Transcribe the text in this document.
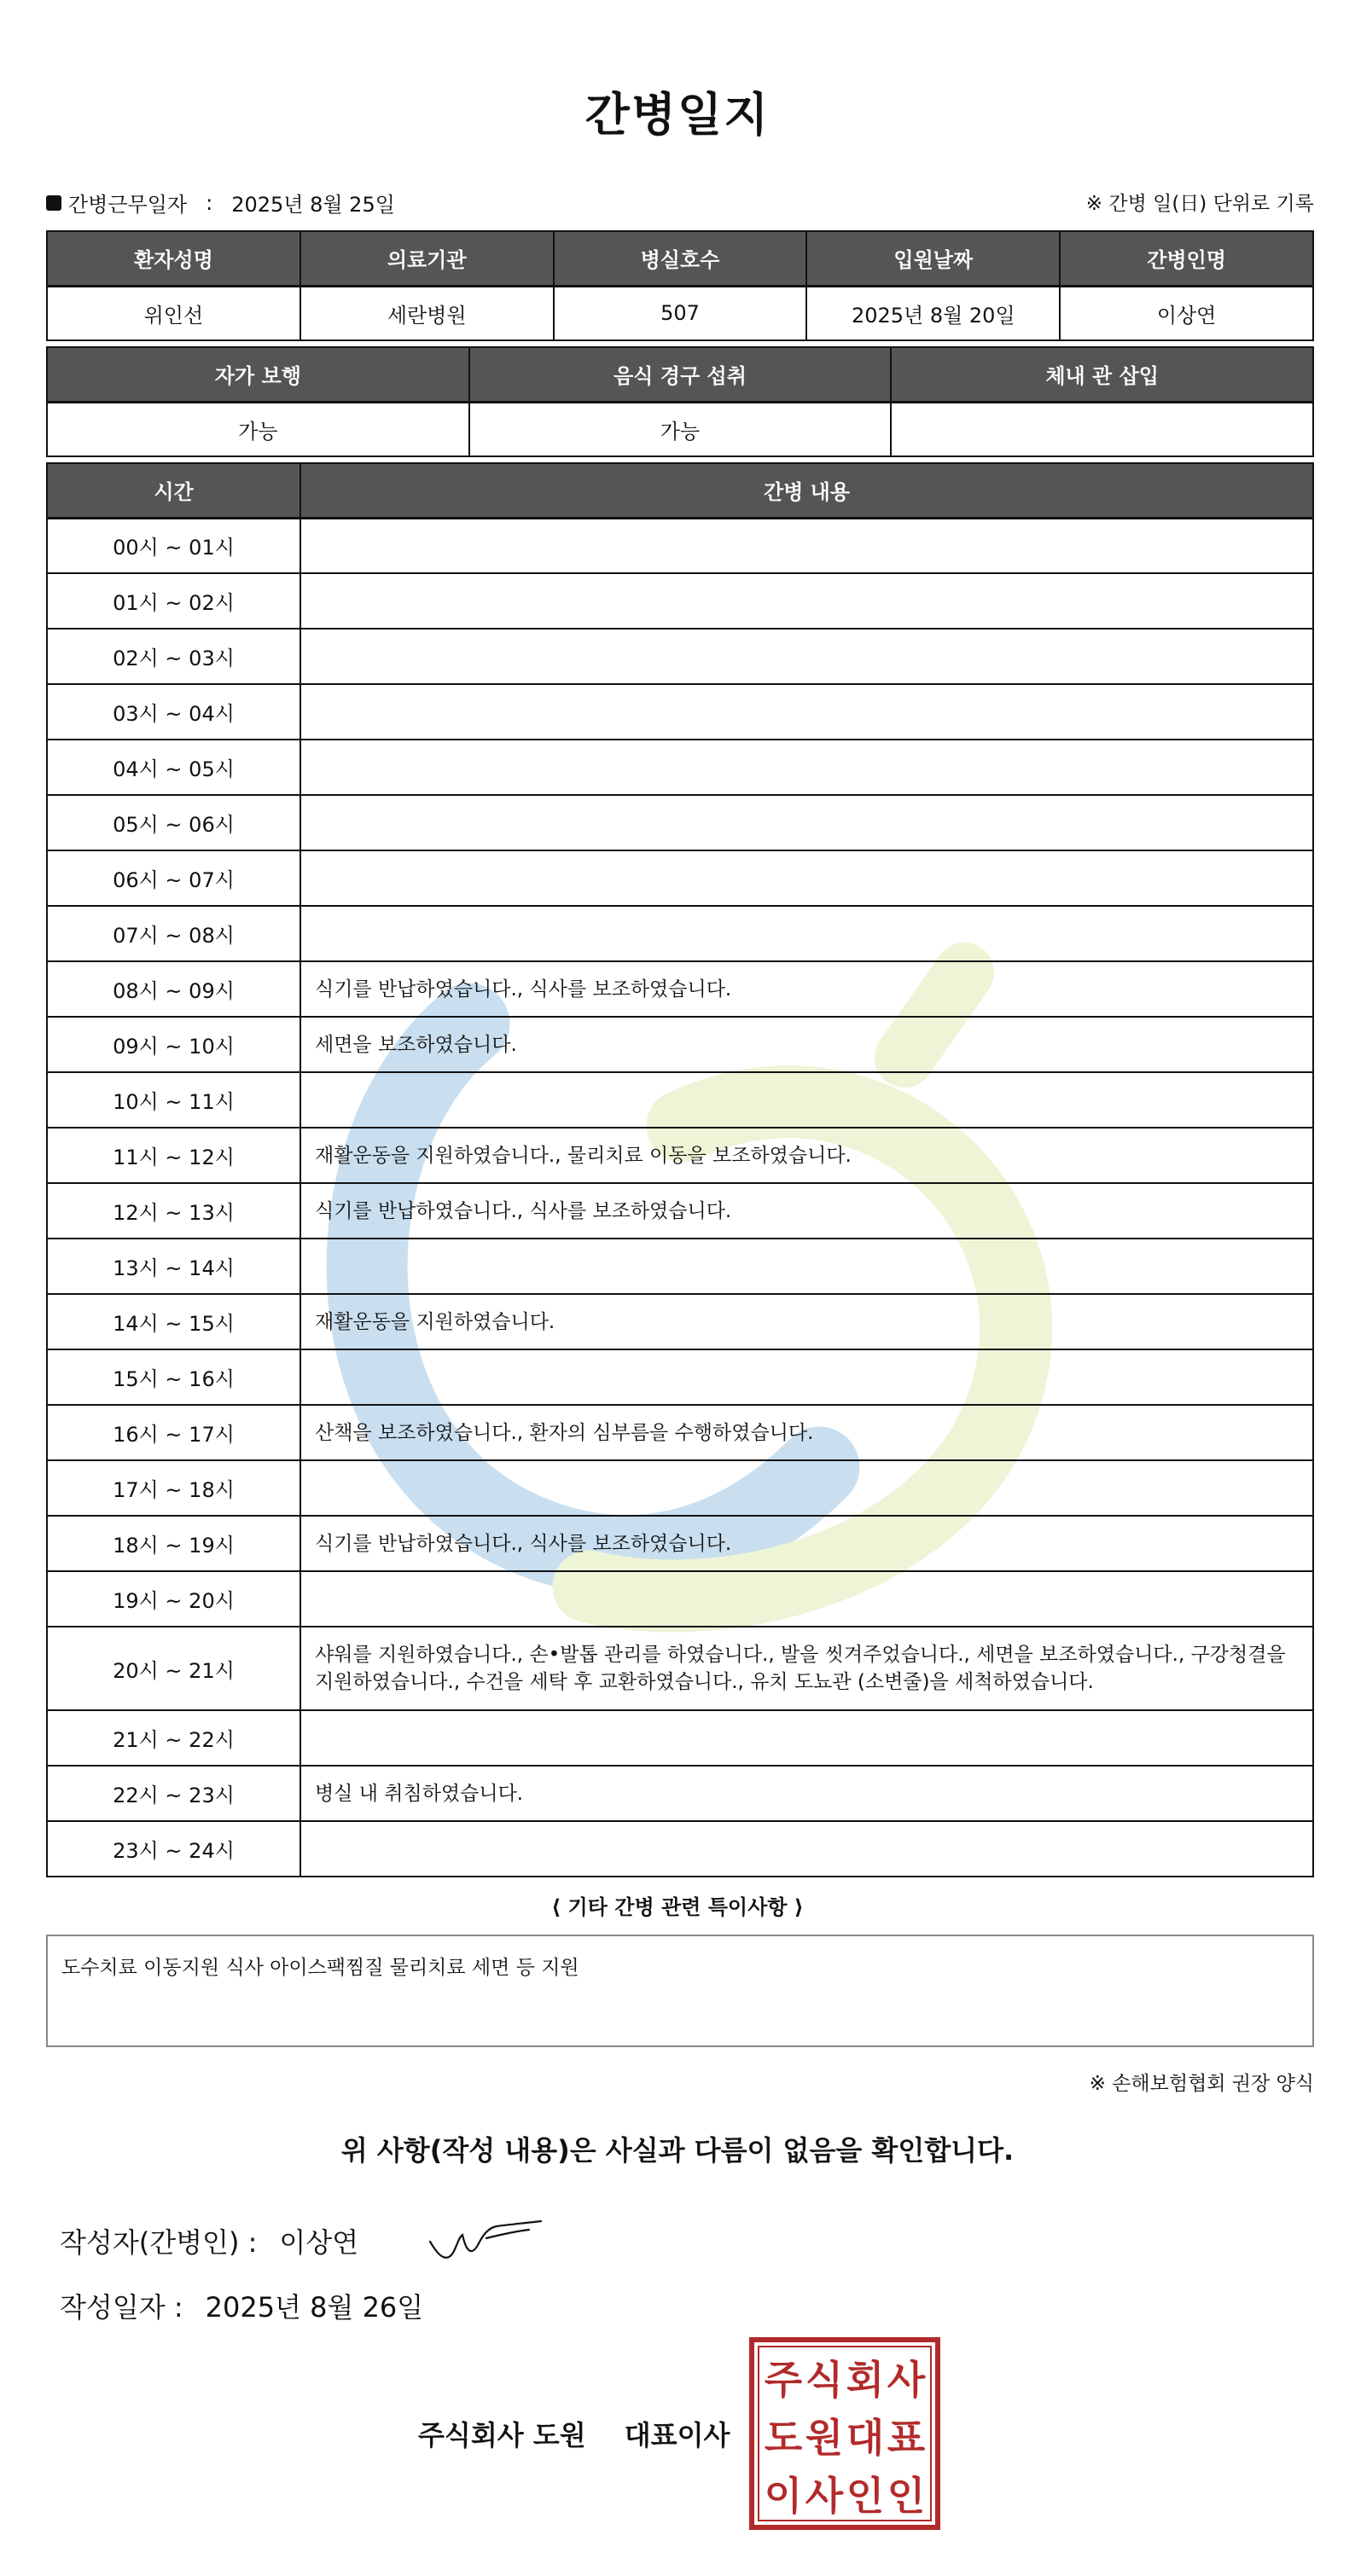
간병일지
간병근무일자 : 2025년 8월 25일	※ 간병 일(日) 단위로 기록
환자성명	의료기관	병실호수	입원날짜	간병인명
위인선	세란병원	507	2025년 8월 20일	이상연
자가 보행	음식 경구 섭취	체내 관 삽입
가능	가능	
시간	간병 내용
00시 ~ 01시	
01시 ~ 02시	
02시 ~ 03시	
03시 ~ 04시	
04시 ~ 05시	
05시 ~ 06시	
06시 ~ 07시	
07시 ~ 08시	
08시 ~ 09시	식기를 반납하였습니다., 식사를 보조하였습니다.
09시 ~ 10시	세면을 보조하였습니다.
10시 ~ 11시	
11시 ~ 12시	재활운동을 지원하였습니다., 물리치료 이동을 보조하였습니다.
12시 ~ 13시	식기를 반납하였습니다., 식사를 보조하였습니다.
13시 ~ 14시	
14시 ~ 15시	재활운동을 지원하였습니다.
15시 ~ 16시	
16시 ~ 17시	산책을 보조하였습니다., 환자의 심부름을 수행하였습니다.
17시 ~ 18시	
18시 ~ 19시	식기를 반납하였습니다., 식사를 보조하였습니다.
19시 ~ 20시	
20시 ~ 21시	샤워를 지원하였습니다., 손•발톱 관리를 하였습니다., 발을 씻겨주었습니다., 세면을 보조하였습니다., 구강청결을 지원하였습니다., 수건을 세탁 후 교환하였습니다., 유치 도뇨관 (소변줄)을 세척하였습니다.
21시 ~ 22시	
22시 ~ 23시	병실 내 취침하였습니다.
23시 ~ 24시	
⟨ 기타 간병 관련 특이사항 ⟩
도수치료 이동지원 식사 아이스팩찜질 물리치료 세면 등 지원
※ 손해보험협회 권장 양식
위 사항(작성 내용)은 사실과 다름이 없음을 확인합니다.
작성자(간병인) : 이상연
작성일자 : 2025년 8월 26일
주식회사 도원 대표이사
주 식 회 사
도 원 대 표
이 사 인 인
